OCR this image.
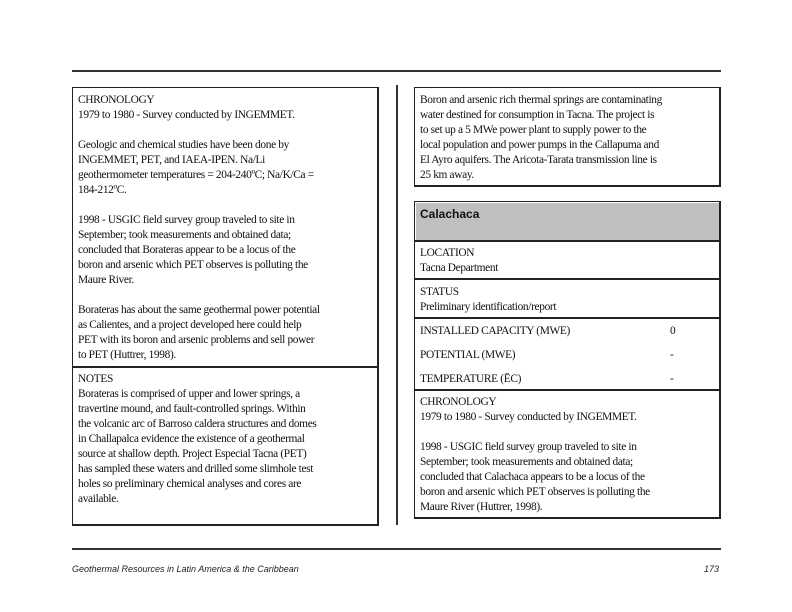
CHRONOLOGY
1979 to 1980 - Survey conducted by INGEMMET.
Geologic and chemical studies have been done by
INGEMMET, PET, and IAEA-IPEN. Na/Li
geothermometer temperatures = 204-240ºC; Na/K/Ca =
184-212ºC.
1998 - USGIC field survey group traveled to site in
September; took measurements and obtained data;
concluded that Borateras appear to be a locus of the
boron and arsenic which PET observes is polluting the
Maure River.
Borateras has about the same geothermal power potential
as Calientes, and a project developed here could help
PET with its boron and arsenic problems and sell power
to PET (Huttrer, 1998).
NOTES
Borateras is comprised of upper and lower springs, a
travertine mound, and fault-controlled springs. Within
the volcanic arc of Barroso caldera structures and domes
in Challapalca evidence the existence of a geothermal
source at shallow depth. Project Especial Tacna (PET)
has sampled these waters and drilled some slimhole test
holes so preliminary chemical analyses and cores are
available.
Boron and arsenic rich thermal springs are contaminating
water destined for consumption in Tacna. The project is
to set up a 5 MWe power plant to supply power to the
local population and power pumps in the Callapuma and
El Ayro aquifers. The Aricota-Tarata transmission line is
25 km away.
Calachaca
LOCATION
Tacna Department
STATUS
Preliminary identification/report
INSTALLED CAPACITY (MWE)	0
POTENTIAL (MWE)	-
TEMPERATURE (ĒC)	-
CHRONOLOGY
1979 to 1980 - Survey conducted by INGEMMET.
1998 - USGIC field survey group traveled to site in
September; took measurements and obtained data;
concluded that Calachaca appears to be a locus of the
boron and arsenic which PET observes is polluting the
Maure River (Huttrer, 1998).
Geothermal Resources in Latin America & the Caribbean	173
